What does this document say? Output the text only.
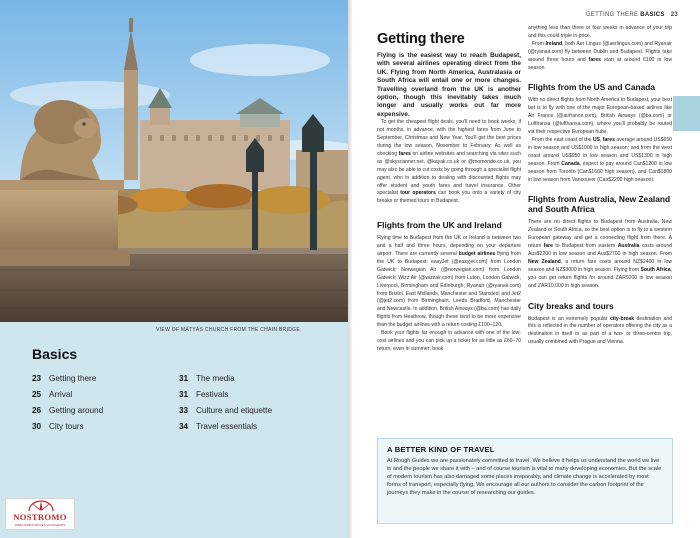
VIEW OF MÁTYÁS CHURCH FROM THE CHAIN BRIDGE
Basics
23 Getting there
25 Arrival
26 Getting around
30 City tours
31 The media
31 Festivals
33 Culture and etiquette
34 Travel essentials
NOSTROMO
WEB COMPTOIR DES VOYAGEURS
GETTING THERE BASICS 23
Getting there

Flying is the easiest way to reach Budapest, with several airlines operating direct from the UK. Flying from North America, Australasia or South Africa will entail one or more changes. Travelling overland from the UK is another option, though this inevitably takes much longer and usually works out far more expensive.

To get the cheapest flight deals, you'll need to book weeks, if not months, in advance, with the highest fares from June to September, Christmas and New Year. You'll get the best prices during the low season, November to February. As well as checking fares on airline websites and searching via sites such as @skyscanner.net, @kayak.co.uk or @momondo.co.uk, you may also be able to cut costs by going through a specialist flight agent, who in addition to dealing with discounted flights may offer student and youth fares and travel insurance. Other specialist tour operators can book you onto a variety of city breaks or themed tours in Budapest.

Flights from the UK and Ireland

Flying time to Budapest from the UK or Ireland is between two and a half and three hours, depending on your departure airport. There are currently several budget airlines flying from the UK to Budapest: easyJet (@easyjet.com) from London Gatwick; Norwegian Air (@norwegian.com) from London Gatwick; Wizz Air (@wizzair.com) from Luton, London Gatwick, Liverpool, Birmingham and Edinburgh; Ryanair (@ryanair.com) from Bristol, East Midlands, Manchester and Stansted; and Jet2 (@jet2.com) from Birmingham, Leeds Bradford, Manchester and Newcastle. In addition, British Airways (@ba.com) has daily flights from Heathrow, though these tend to be more expensive than the budget airlines with a return costing £100–120.

Book your flights far enough in advance with one of the low-cost airlines and you can pick up a ticket for as little as £60–70 return, even in summer; book

anything less than three or four weeks in advance of your trip and this could triple in price.

From Ireland, both Aer Lingus (@aerlingus.com) and Ryanair (@ryanair.com) fly between Dublin and Budapest. Flights take around three hours and fares start at around €100 in low season.

Flights from the US and Canada

With no direct flights from North America to Budapest, your best bet is to fly with one of the major European-based airlines like Air France (@airfrance.com), British Airways (@ba.com) or Lufthansa (@lufthansa.com), where you'll probably be routed via their respective European hubs.

From the east coast of the US, fares average around US$650 in low season and US$1000 in high season; and from the west coast around US$950 in low season and US$1300 in high season. From Canada, expect to pay around Can$1200 in low season from Toronto (Can$1600 high season), and Can$1800 in low season from Vancouver (Can$2200 high season).

Flights from Australia, New Zealand and South Africa

There are no direct flights to Budapest from Australia, New Zealand or South Africa, so the best option is to fly to a western European gateway and get a connecting flight from there. A return fare to Budapest from eastern Australia costs around Aus$2200 in low season and Aus$2700 in high season. From New Zealand, a return fare costs around NZ$2400 in low season and NZ$3000 in high season. Flying from South Africa, you can get return flights for around ZAR9200 in low season and ZAR10,000 in high season.

City breaks and tours

Budapest is an extremely popular city-break destination and this is reflected in the number of operators offering the city as a destination in itself or as part of a two- or three-centre trip, usually combined with Prague and Vienna.

A BETTER KIND OF TRAVEL
At Rough Guides we are passionately committed to travel. We believe it helps us understand the world we live in and the people we share it with – and of course tourism is vital to many developing economies. But the scale of modern tourism has also damaged some places irreparably, and climate change is accelerated by most forms of transport, especially flying. We encourage all our authors to consider the carbon footprint of the journeys they make in the course of researching our guides.
